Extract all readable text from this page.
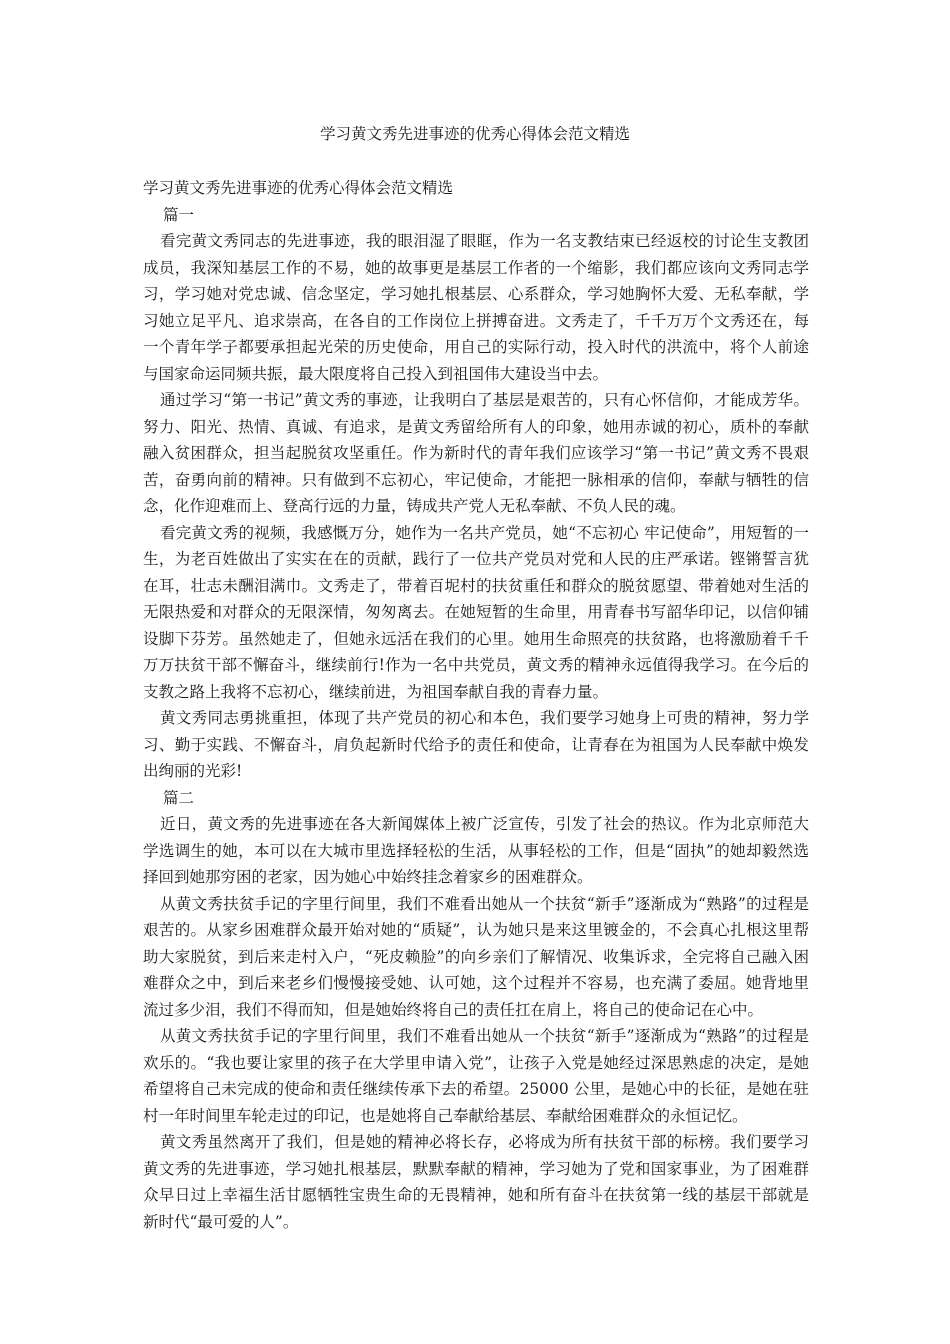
学习黄文秀先进事迹的优秀心得体会范文精选

学习黄文秀先进事迹的优秀心得体会范文精选

篇一

看完黄文秀同志的先进事迹，我的眼泪湿了眼眶，作为一名支教结束已经返校的讨论生支教团成员，我深知基层工作的不易，她的故事更是基层工作者的一个缩影，我们都应该向文秀同志学习，学习她对党忠诚、信念坚定，学习她扎根基层、心系群众，学习她胸怀大爱、无私奉献，学习她立足平凡、追求崇高，在各自的工作岗位上拼搏奋进。文秀走了，千千万万个文秀还在，每一个青年学子都要承担起光荣的历史使命，用自己的实际行动，投入时代的洪流中，将个人前途与国家命运同频共振，最大限度将自己投入到祖国伟大建设当中去。

通过学习“第一书记”黄文秀的事迹，让我明白了基层是艰苦的，只有心怀信仰，才能成芳华。努力、阳光、热情、真诚、有追求，是黄文秀留给所有人的印象，她用赤诚的初心，质朴的奉献融入贫困群众，担当起脱贫攻坚重任。作为新时代的青年我们应该学习“第一书记”黄文秀不畏艰苦，奋勇向前的精神。只有做到不忘初心，牢记使命，才能把一脉相承的信仰，奉献与牺牲的信念，化作迎难而上、登高行远的力量，铸成共产党人无私奉献、不负人民的魂。

看完黄文秀的视频，我感慨万分，她作为一名共产党员，她“不忘初心 牢记使命”，用短暂的一生，为老百姓做出了实实在在的贡献，践行了一位共产党员对党和人民的庄严承诺。铿锵誓言犹在耳，壮志未酬泪满巾。文秀走了，带着百坭村的扶贫重任和群众的脱贫愿望、带着她对生活的无限热爱和对群众的无限深情，匆匆离去。在她短暂的生命里，用青春书写韶华印记，以信仰铺设脚下芬芳。虽然她走了，但她永远活在我们的心里。她用生命照亮的扶贫路，也将激励着千千万万扶贫干部不懈奋斗，继续前行!作为一名中共党员，黄文秀的精神永远值得我学习。在今后的支教之路上我将不忘初心，继续前进，为祖国奉献自我的青春力量。

黄文秀同志勇挑重担，体现了共产党员的初心和本色，我们要学习她身上可贵的精神，努力学习、勤于实践、不懈奋斗，肩负起新时代给予的责任和使命，让青春在为祖国为人民奉献中焕发出绚丽的光彩!

篇二

近日，黄文秀的先进事迹在各大新闻媒体上被广泛宣传，引发了社会的热议。作为北京师范大学选调生的她，本可以在大城市里选择轻松的生活，从事轻松的工作，但是“固执”的她却毅然选择回到她那穷困的老家，因为她心中始终挂念着家乡的困难群众。

从黄文秀扶贫手记的字里行间里，我们不难看出她从一个扶贫“新手”逐渐成为“熟路”的过程是艰苦的。从家乡困难群众最开始对她的“质疑”，认为她只是来这里镀金的，不会真心扎根这里帮助大家脱贫，到后来走村入户，“死皮赖脸”的向乡亲们了解情况、收集诉求，全完将自己融入困难群众之中，到后来老乡们慢慢接受她、认可她，这个过程并不容易，也充满了委屈。她背地里流过多少泪，我们不得而知，但是她始终将自己的责任扛在肩上，将自己的使命记在心中。

从黄文秀扶贫手记的字里行间里，我们不难看出她从一个扶贫“新手”逐渐成为“熟路”的过程是欢乐的。“我也要让家里的孩子在大学里申请入党”，让孩子入党是她经过深思熟虑的决定，是她希望将自己未完成的使命和责任继续传承下去的希望。25000 公里，是她心中的长征，是她在驻村一年时间里车轮走过的印记，也是她将自己奉献给基层、奉献给困难群众的永恒记忆。

黄文秀虽然离开了我们，但是她的精神必将长存，必将成为所有扶贫干部的标榜。我们要学习黄文秀的先进事迹，学习她扎根基层，默默奉献的精神，学习她为了党和国家事业，为了困难群众早日过上幸福生活甘愿牺牲宝贵生命的无畏精神，她和所有奋斗在扶贫第一线的基层干部就是新时代“最可爱的人”。
